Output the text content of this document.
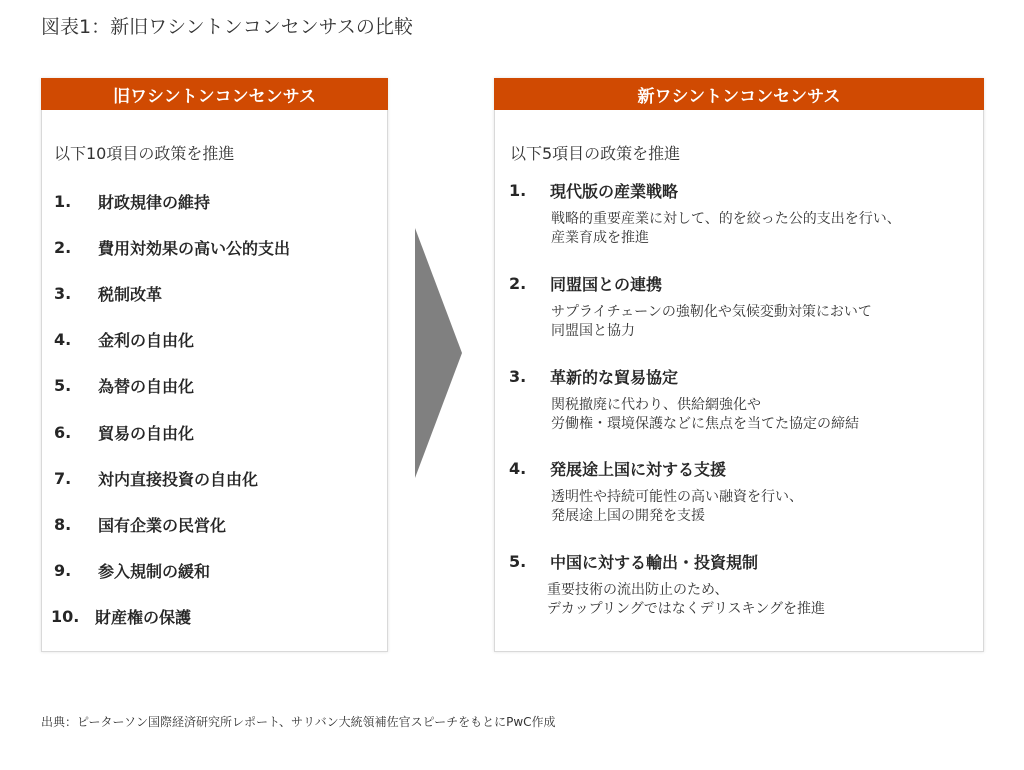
図表1：新旧ワシントンコンセンサスの比較
旧ワシントンコンセンサス
以下10項目の政策を推進
1.	財政規律の維持
2.	費用対効果の高い公的支出
3.	税制改革
4.	金利の自由化
5.	為替の自由化
6.	貿易の自由化
7.	対内直接投資の自由化
8.	国有企業の民営化
9.	参入規制の緩和
10. 財産権の保護
新ワシントンコンセンサス
以下5項目の政策を推進
1.	現代版の産業戦略
戦略的重要産業に対して、的を絞った公的支出を行い、
産業育成を推進
2.	同盟国との連携
サプライチェーンの強靭化や気候変動対策において
同盟国と協力
3.	革新的な貿易協定
関税撤廃に代わり、供給網強化や
労働権・環境保護などに焦点を当てた協定の締結
4.	発展途上国に対する支援
透明性や持続可能性の高い融資を行い、
発展途上国の開発を支援
5.	中国に対する輸出・投資規制
重要技術の流出防止のため、
デカップリングではなくデリスキングを推進
出典：ピーターソン国際経済研究所レポート、サリバン大統領補佐官スピーチをもとにPwC作成
